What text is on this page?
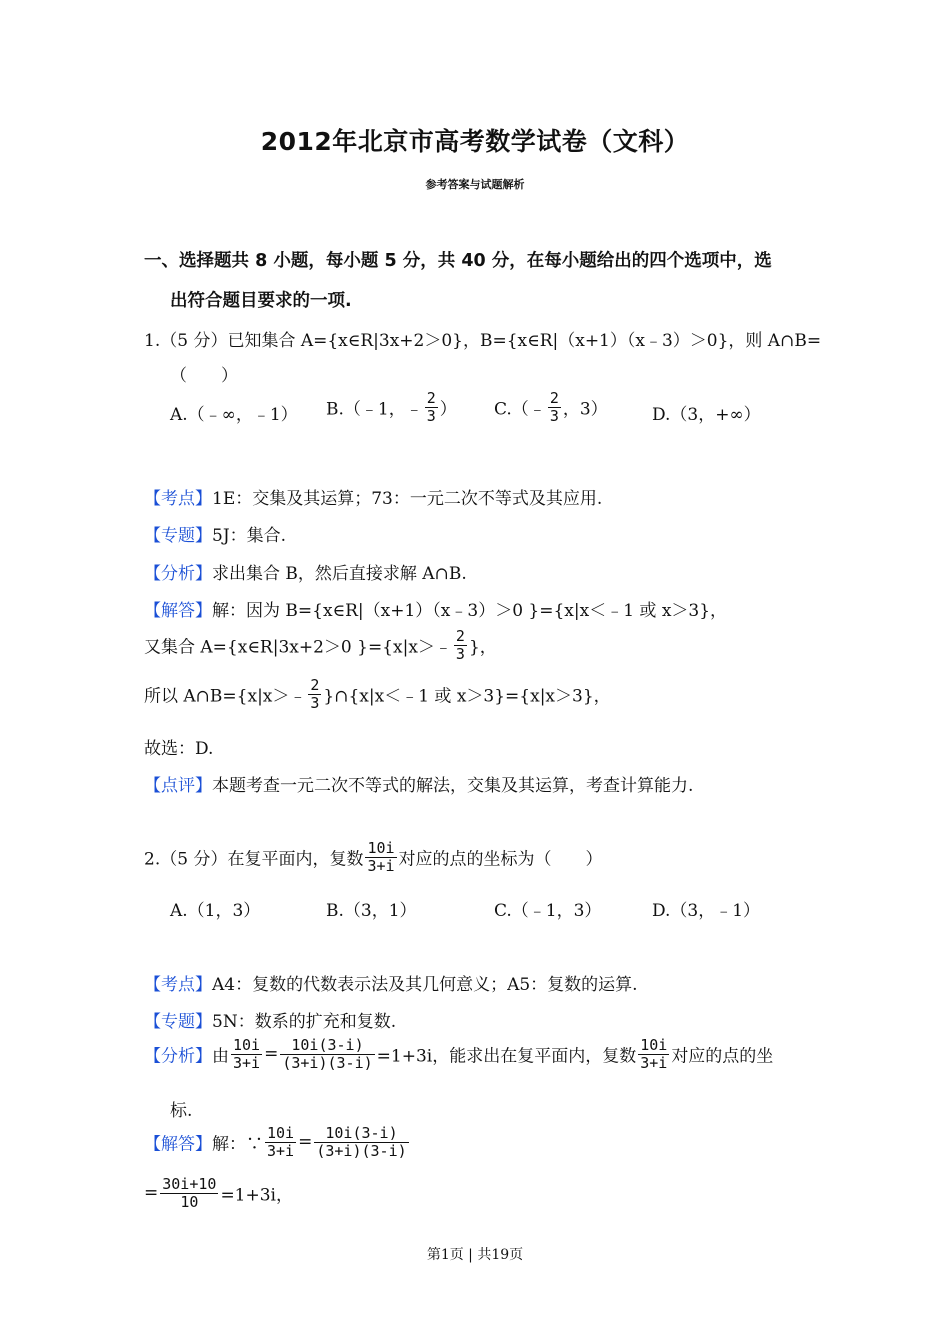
2012年北京市高考数学试卷（文科）
参考答案与试题解析
一、选择题共 8 小题，每小题 5 分，共 40 分，在每小题给出的四个选项中，选
出符合题目要求的一项.
1.（5 分）已知集合 A={x∈R|3x+2＞0}，B={x∈R|（x+1）（x﹣3）＞0}，则 A∩B=
（　　）
A.（﹣∞，﹣1） B.（﹣1，﹣ $\frac{2}{3}$ ） C.（﹣ $\frac{2}{3}$ ，3）	D.（3，+∞）
【考点】1E：交集及其运算；73：一元二次不等式及其应用.
【专题】5J：集合.
【分析】求出集合 B，然后直接求解 A∩B.
【解答】解：因为 B={x∈R|（x+1）（x﹣3）＞0 }={x|x＜﹣1 或 x＞3}，
又集合 A={x∈R|3x+2＞0 }={x|x＞﹣ $\frac{2}{3}$ }，
所以 A∩B={x|x＞﹣ $\frac{2}{3}$ }∩{x|x＜﹣1 或 x＞3}={x|x＞3}，
故选：D.
【点评】本题考查一元二次不等式的解法，交集及其运算，考查计算能力.
2.（5 分）在复平面内，复数 $\frac{10i}{3+i}$ 对应的点的坐标为（　　）
A.（1，3）	B.（3，1）	C.（﹣1，3）	D.（3，﹣1）
【考点】A4：复数的代数表示法及其几何意义；A5：复数的运算.
【专题】5N：数系的扩充和复数.
【分析】由 $\frac{10i}{3+i} = \frac{10i(3-i)}{(3+i)(3-i)} =1+3i$，能求出在复平面内，复数 $\frac{10i}{3+i}$ 对应的点的坐
标.
【解答】解：∵ $\frac{10i}{3+i} = \frac{10i(3-i)}{(3+i)(3-i)}$
= $\frac{30i+10}{10} =1+3i$，
第1页 | 共19页
